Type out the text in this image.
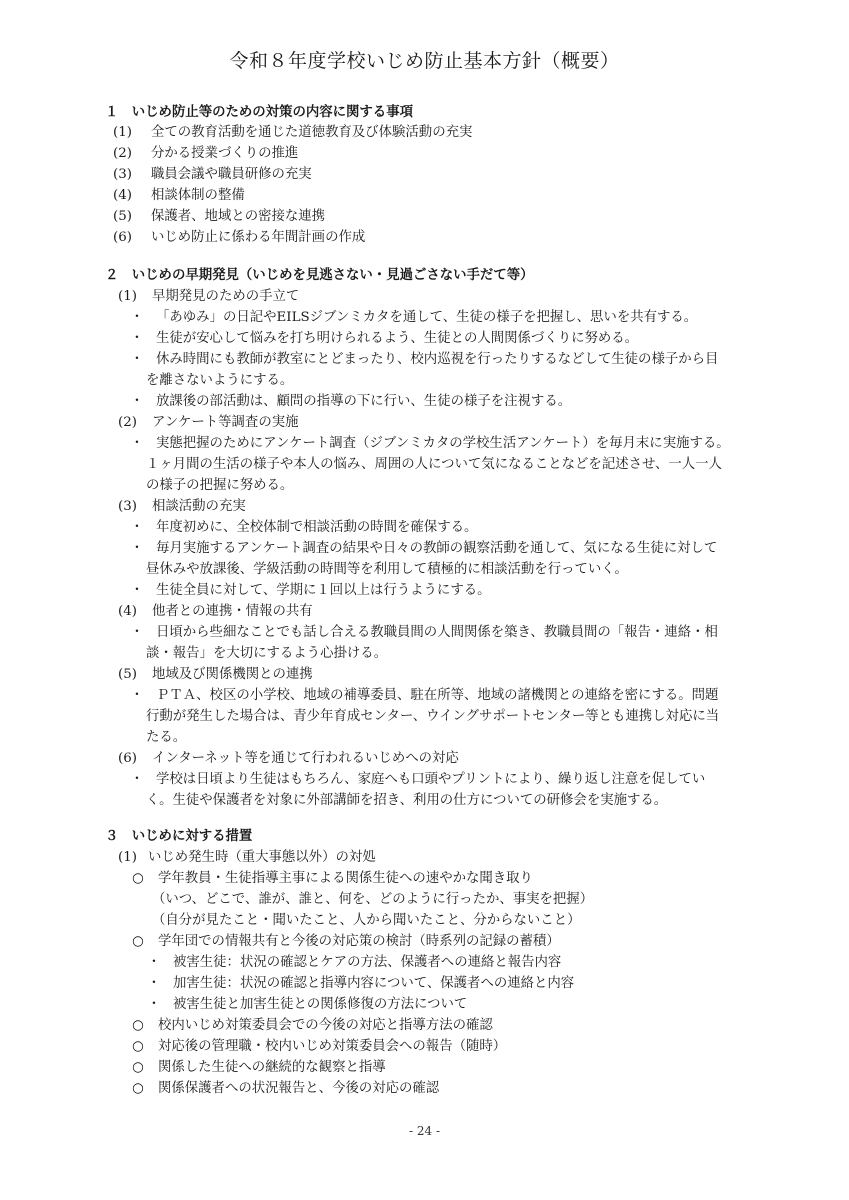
令和８年度学校いじめ防止基本方針（概要）
１　いじめ防止等のための対策の内容に関する事項
(1) 全ての教育活動を通じた道徳教育及び体験活動の充実
(2) 分かる授業づくりの推進
(3) 職員会議や職員研修の充実
(4) 相談体制の整備
(5) 保護者、地域との密接な連携
(6) いじめ防止に係わる年間計画の作成
２　いじめの早期発見（いじめを見逃さない・見過ごさない手だて等）
(1) 早期発見のための手立て
・ 「あゆみ」の日記やEILSジブンミカタを通して、生徒の様子を把握し、思いを共有する。
・ 生徒が安心して悩みを打ち明けられるよう、生徒との人間関係づくりに努める。
・ 休み時間にも教師が教室にとどまったり、校内巡視を行ったりするなどして生徒の様子から目
を離さないようにする。
・ 放課後の部活動は、顧問の指導の下に行い、生徒の様子を注視する。
(2) アンケート等調査の実施
・ 実態把握のためにアンケート調査（ジブンミカタの学校生活アンケート）を毎月末に実施する。
１ヶ月間の生活の様子や本人の悩み、周囲の人について気になることなどを記述させ、一人一人
の様子の把握に努める。
(3) 相談活動の充実
・ 年度初めに、全校体制で相談活動の時間を確保する。
・ 毎月実施するアンケート調査の結果や日々の教師の観察活動を通して、気になる生徒に対して
昼休みや放課後、学級活動の時間等を利用して積極的に相談活動を行っていく。
・ 生徒全員に対して、学期に１回以上は行うようにする。
(4) 他者との連携・情報の共有
・ 日頃から些細なことでも話し合える教職員間の人間関係を築き、教職員間の「報告・連絡・相
談・報告」を大切にするよう心掛ける。
(5) 地域及び関係機関との連携
・ ＰＴＡ、校区の小学校、地域の補導委員、駐在所等、地域の諸機関との連絡を密にする。問題
行動が発生した場合は、青少年育成センター、ウイングサポートセンター等とも連携し対応に当
たる。
(6) インターネット等を通じて行われるいじめへの対応
・ 学校は日頃より生徒はもちろん、家庭へも口頭やプリントにより、繰り返し注意を促してい
く。生徒や保護者を対象に外部講師を招き、利用の仕方についての研修会を実施する。
３　いじめに対する措置
(1) いじめ発生時（重大事態以外）の対処
○ 学年教員・生徒指導主事による関係生徒への速やかな聞き取り
（いつ、どこで、誰が、誰と、何を、どのように行ったか、事実を把握）
（自分が見たこと・聞いたこと、人から聞いたこと、分からないこと）
○ 学年団での情報共有と今後の対応策の検討（時系列の記録の蓄積）
・ 被害生徒：状況の確認とケアの方法、保護者への連絡と報告内容
・ 加害生徒：状況の確認と指導内容について、保護者への連絡と内容
・ 被害生徒と加害生徒との関係修復の方法について
○ 校内いじめ対策委員会での今後の対応と指導方法の確認
○ 対応後の管理職・校内いじめ対策委員会への報告（随時）
○ 関係した生徒への継続的な観察と指導
○ 関係保護者への状況報告と、今後の対応の確認
- 24 -
